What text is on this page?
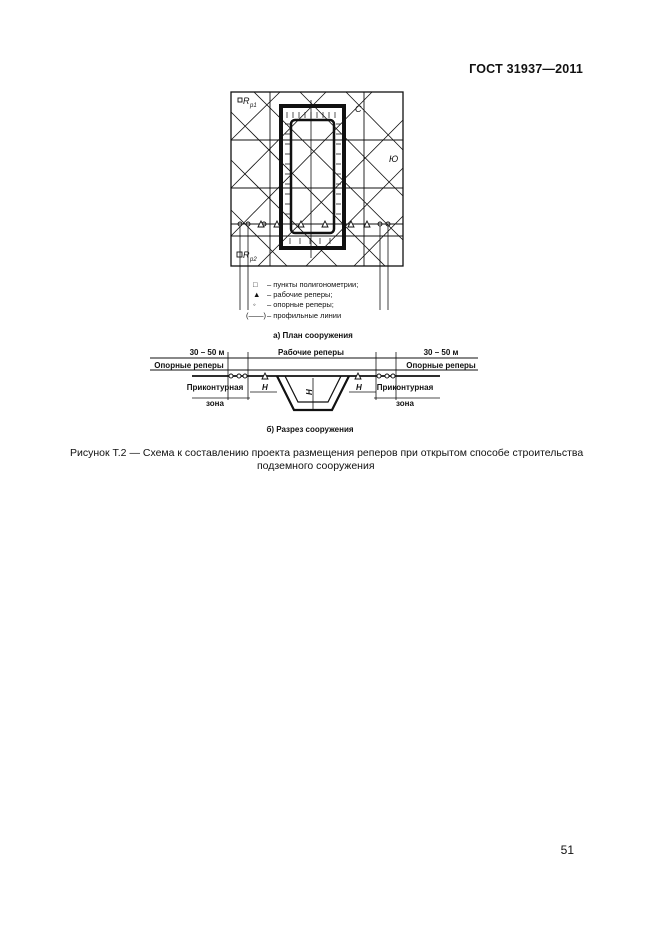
ГОСТ 31937—2011
R p1
R p2
C
Ю
□ – пункты полигонометрии;
▲ – рабочие реперы;
◦ – опорные реперы;
(——) – профильные линии
а) План сооружения
30 – 50 м	30 – 50 м
Рабочие реперы
Опорные реперы	Опорные реперы
Приконтурная
зона
Приконтурная
зона
H	H
H
б) Разрез сооружения
Рисунок Т.2 — Схема к составлению проекта размещения реперов при открытом способе строительства
подземного сооружения
51
